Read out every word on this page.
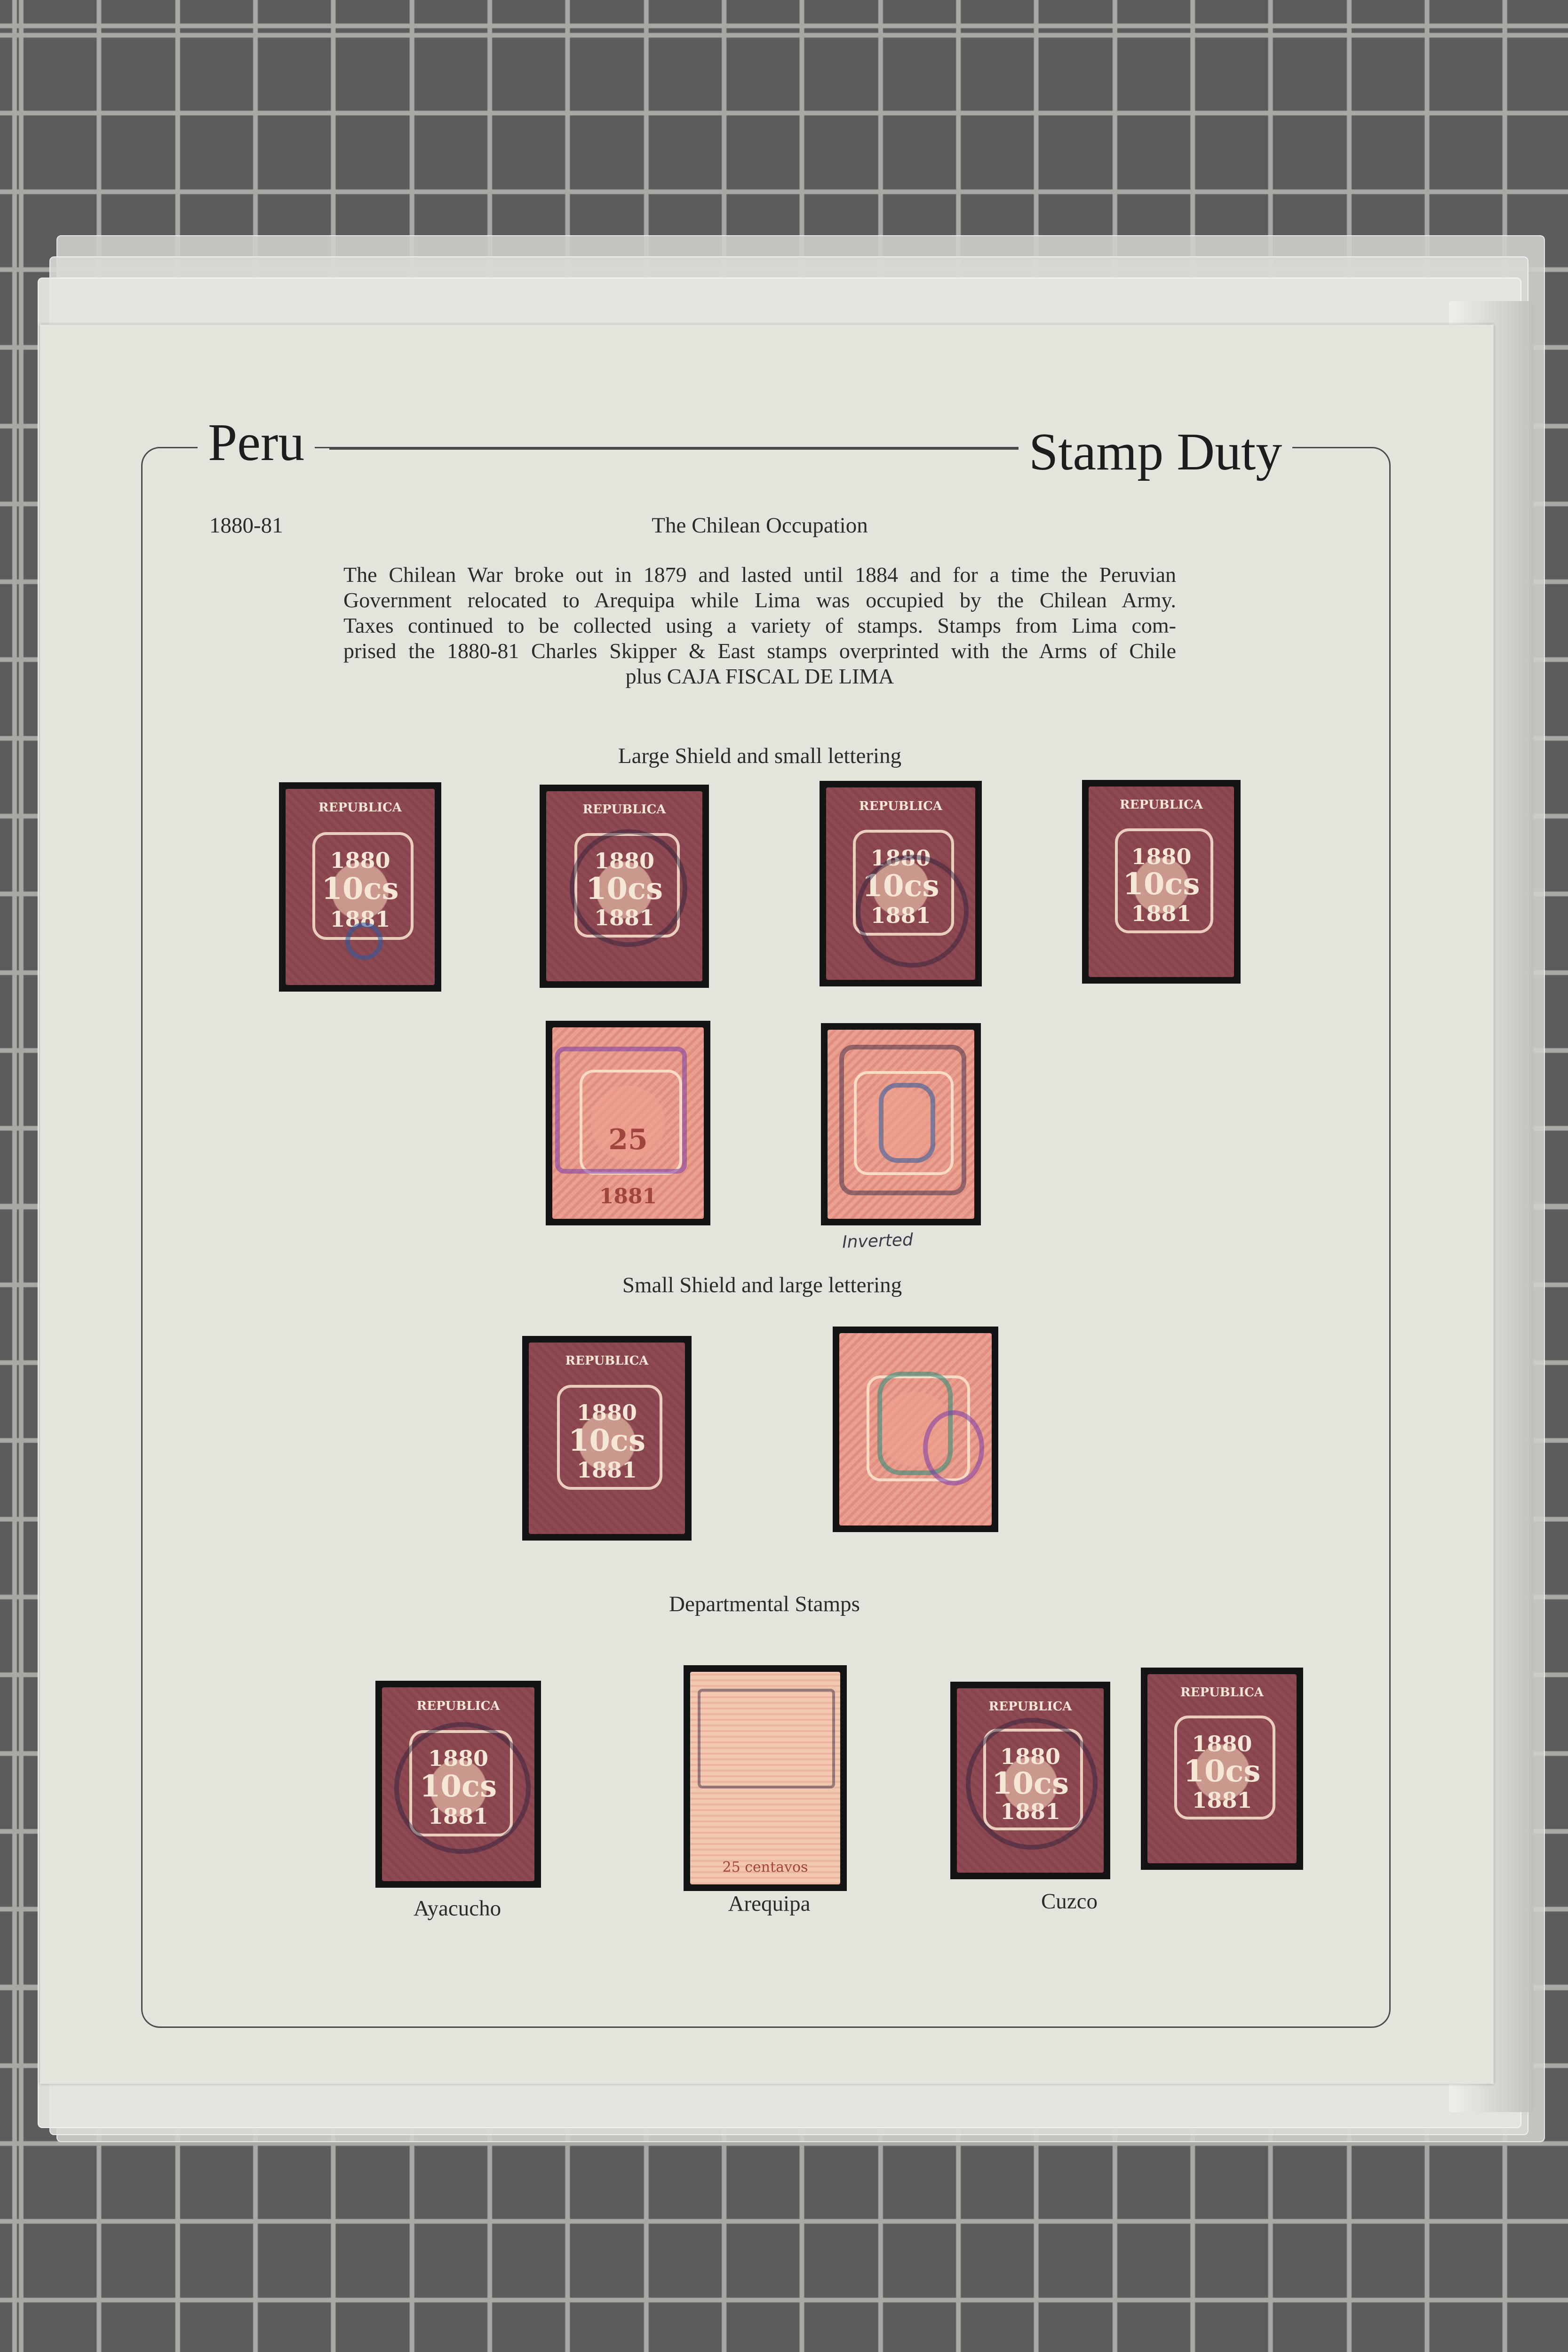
Peru	Stamp Duty
1880-81	The Chilean Occupation
The Chilean War broke out in 1879 and lasted until 1884 and for a time the Peruvian
Government relocated to Arequipa while Lima was occupied by the Chilean Army.
Taxes continued to be collected using a variety of stamps. Stamps from Lima com-
prised the 1880-81 Charles Skipper & East stamps overprinted with the Arms of Chile
plus CAJA FISCAL DE LIMA
Large Shield and small lettering
REPUBLICA
1880
10cs
1881
REPUBLICA
1880
10cs
1881
REPUBLICA
1880
10cs
1881
REPUBLICA
1880
10cs
1881
25
1881
Inverted
Small Shield and large lettering
REPUBLICA
1880
10cs
1881
Departmental Stamps
REPUBLICA
1880
10cs
1881
Ayacucho
25 centavos
Arequipa
REPUBLICA
1880
10cs
1881
REPUBLICA
1880
10cs
1881
Cuzco
